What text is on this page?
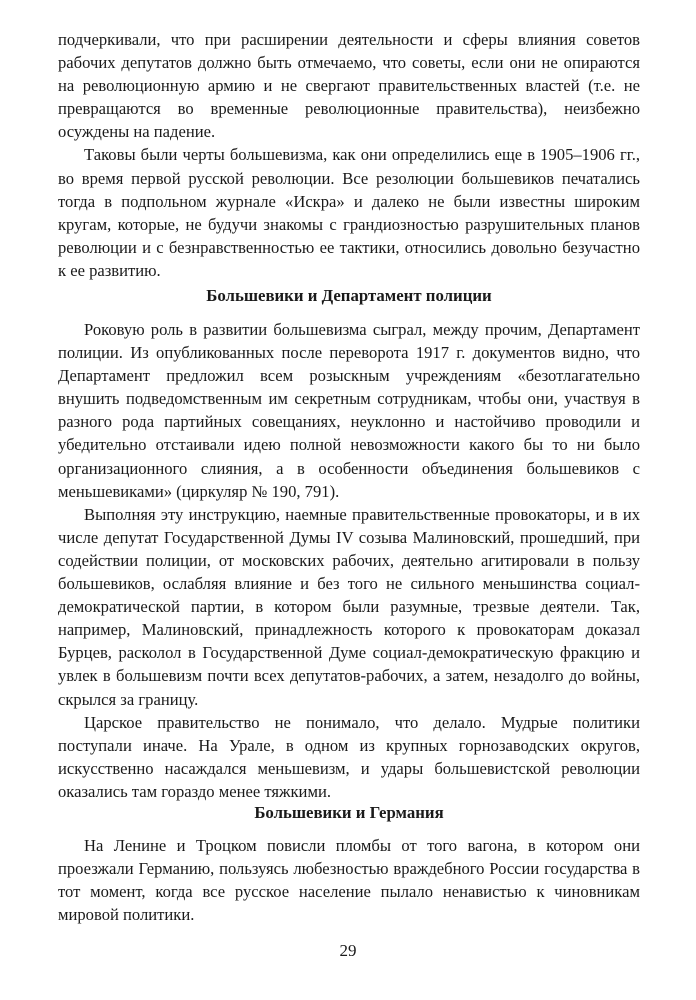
подчеркивали, что при расширении деятельности и сферы влияния советов рабочих депутатов должно быть отмечаемо, что советы, если они не опираются на революционную армию и не свергают правительственных властей (т.е. не превращаются во временные революционные правительства), неизбежно осуждены на падение.

Таковы были черты большевизма, как они определились еще в 1905–1906 гг., во время первой русской революции. Все резолюции большевиков печатались тогда в подпольном журнале «Искра» и далеко не были известны широким кругам, которые, не будучи знакомы с грандиозностью разрушительных планов революции и с безнравственностью ее тактики, относились довольно безучастно к ее развитию.

Большевики и Департамент полиции

Роковую роль в развитии большевизма сыграл, между прочим, Департамент полиции. Из опубликованных после переворота 1917 г. документов видно, что Департамент предложил всем розыскным учреждениям «безотлагательно внушить подведомственным им секретным сотрудникам, чтобы они, участвуя в разного рода партийных совещаниях, неуклонно и настойчиво проводили и убедительно отстаивали идею полной невозможности какого бы то ни было организационного слияния, а в особенности объединения большевиков с меньшевиками» (циркуляр № 190, 791).

Выполняя эту инструкцию, наемные правительственные провокаторы, и в их числе депутат Государственной Думы IV созыва Малиновский, прошедший, при содействии полиции, от московских рабочих, деятельно агитировали в пользу большевиков, ослабляя влияние и без того не сильного меньшинства социал-демократической партии, в котором были разумные, трезвые деятели. Так, например, Малиновский, принадлежность которого к провокаторам доказал Бурцев, расколол в Государственной Думе социал-демократическую фракцию и увлек в большевизм почти всех депутатов-рабочих, а затем, незадолго до войны, скрылся за границу.

Царское правительство не понимало, что делало. Мудрые политики поступали иначе. На Урале, в одном из крупных горнозаводских округов, искусственно насаждался меньшевизм, и удары большевистской революции оказались там гораздо менее тяжкими.

Большевики и Германия

На Ленине и Троцком повисли пломбы от того вагона, в котором они проезжали Германию, пользуясь любезностью враждебного России государства в тот момент, когда все русское население пылало ненавистью к чиновникам мировой политики.

29
